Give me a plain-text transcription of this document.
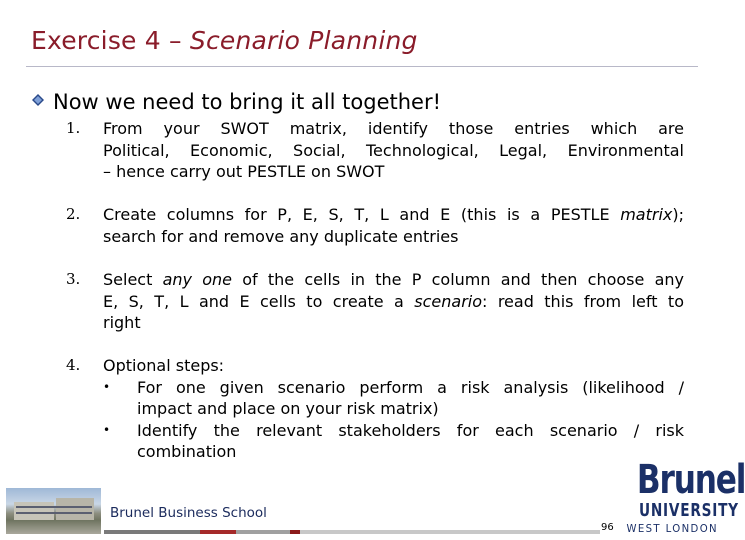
Exercise 4 – Scenario Planning
Now we need to bring it all together!
1. From your SWOT matrix, identify those entries which are
Political, Economic, Social, Technological, Legal, Environmental
– hence carry out PESTLE on SWOT
2. Create columns for P, E, S, T, L and E (this is a PESTLE matrix);
search for and remove any duplicate entries
3. Select any one of the cells in the P column and then choose any
E, S, T, L and E cells to create a scenario: read this from left to
right
4. Optional steps:
• For one given scenario perform a risk analysis (likelihood /
impact and place on your risk matrix)
• Identify the relevant stakeholders for each scenario / risk
combination
Brunel Business School
96
Brunel
UNIVERSITY
WEST LONDON
